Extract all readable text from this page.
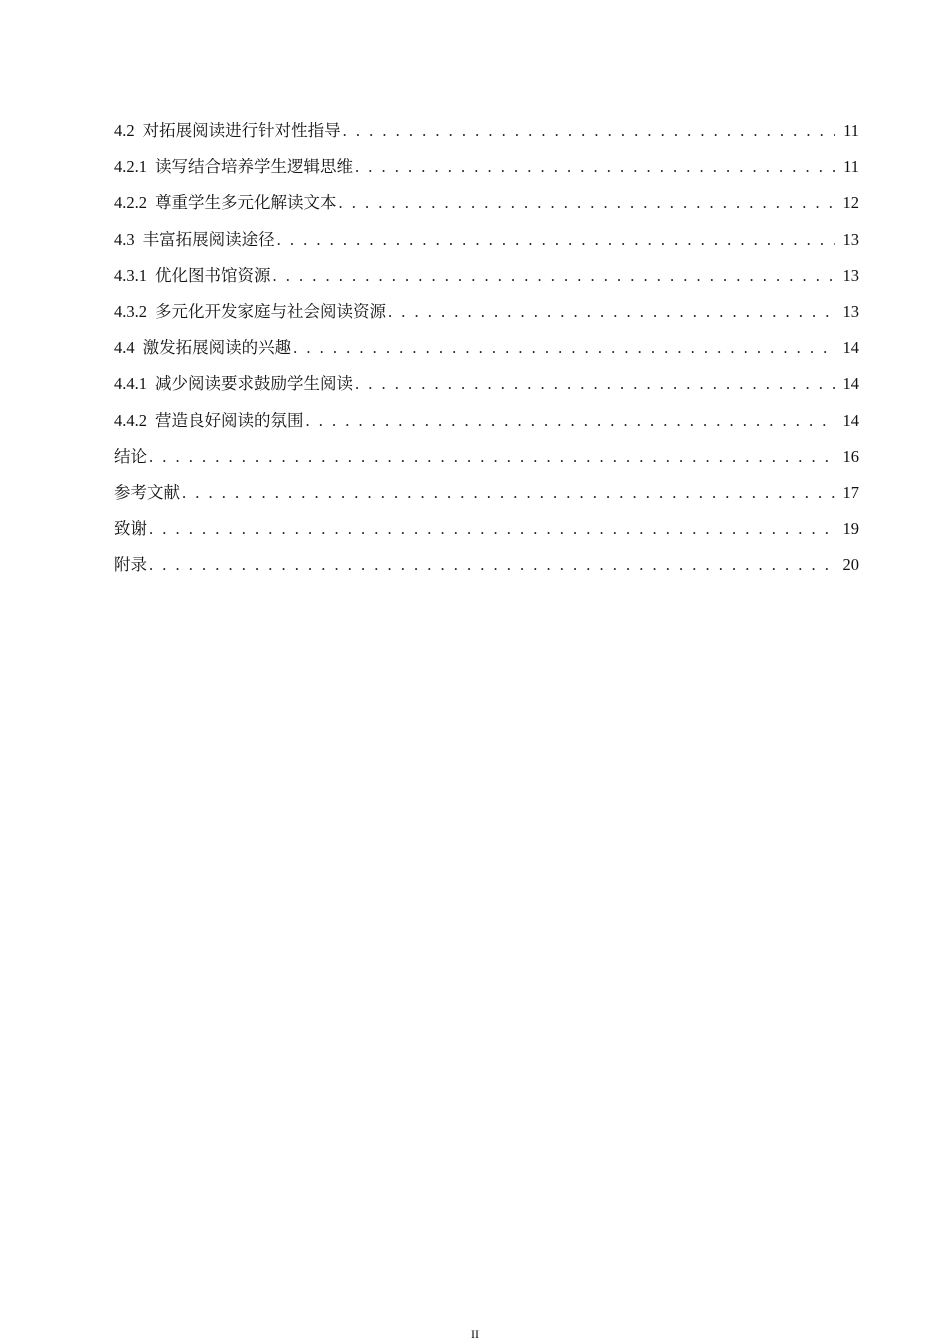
4.2 对拓展阅读进行针对性指导 . . .	11
4.2.1 读写结合培养学生逻辑思维 . . .	11
4.2.2 尊重学生多元化解读文本 . . .	12
4.3 丰富拓展阅读途径 . . .	13
4.3.1 优化图书馆资源 . . .	13
4.3.2 多元化开发家庭与社会阅读资源 . . .	13
4.4 激发拓展阅读的兴趣 . . .	14
4.4.1 减少阅读要求鼓励学生阅读 . . .	14
4.4.2 营造良好阅读的氛围 . . .	14
结论 . . .	16
参考文献 . . .	17
致谢 . . .	19
附录 . . .	20
II
